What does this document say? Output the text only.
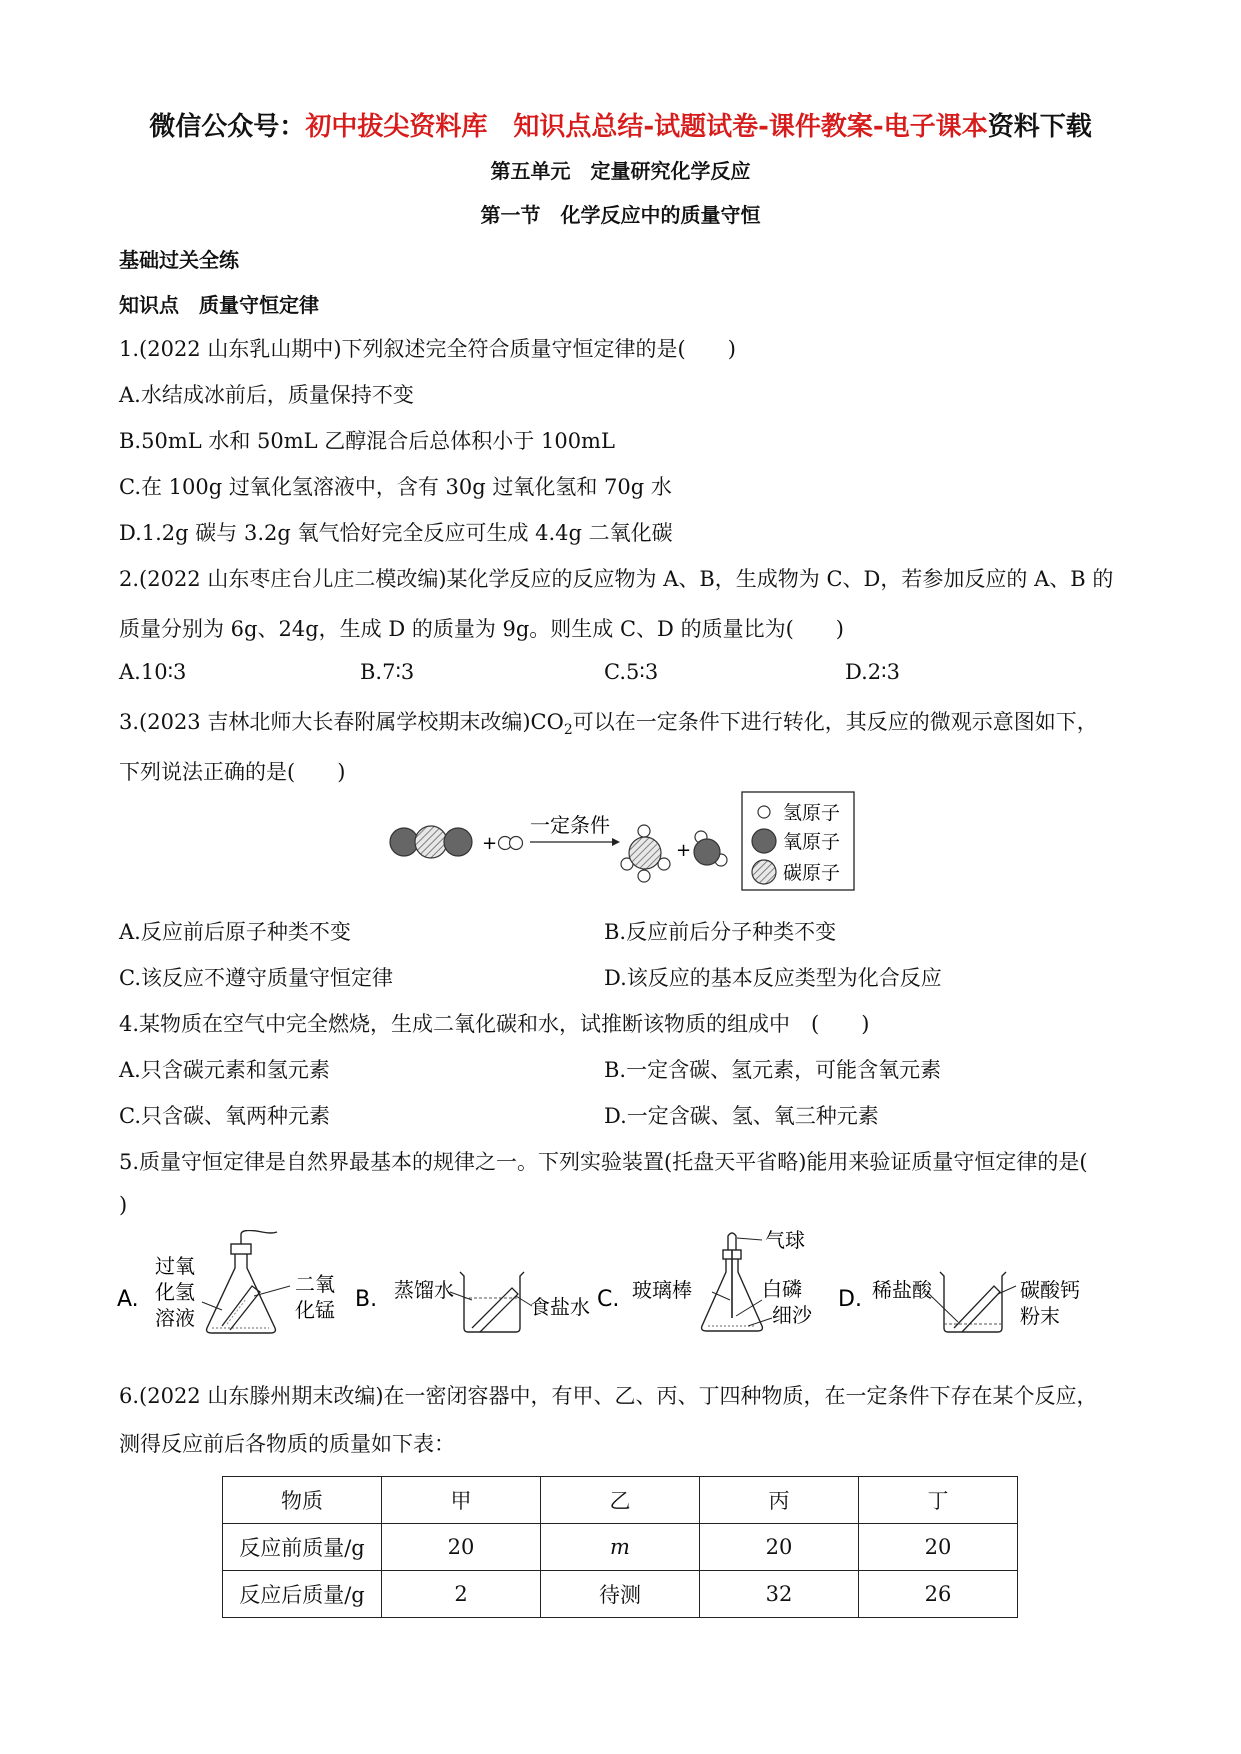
微信公众号：初中拔尖资料库　知识点总结-试题试卷-课件教案-电子课本资料下载
第五单元　定量研究化学反应
第一节　化学反应中的质量守恒
基础过关全练
知识点　质量守恒定律
1.(2022 山东乳山期中)下列叙述完全符合质量守恒定律的是(　　)
A.水结成冰前后，质量保持不变
B.50mL 水和 50mL 乙醇混合后总体积小于 100mL
C.在 100g 过氧化氢溶液中，含有 30g 过氧化氢和 70g 水
D.1.2g 碳与 3.2g 氧气恰好完全反应可生成 4.4g 二氧化碳
2.(2022 山东枣庄台儿庄二模改编)某化学反应的反应物为 A、B，生成物为 C、D，若参加反应的 A、B 的
质量分别为 6g、24g，生成 D 的质量为 9g。则生成 C、D 的质量比为(　　)
A.10∶3	B.7∶3	C.5∶3	D.2∶3
3.(2023 吉林北师大长春附属学校期末改编)$CO_2$可以在一定条件下进行转化，其反应的微观示意图如下，
下列说法正确的是(　　)
+
一定条件
+
氢原子
氧原子
碳原子
A.反应前后原子种类不变	B.反应前后分子种类不变
C.该反应不遵守质量守恒定律	D.该反应的基本反应类型为化合反应
4.某物质在空气中完全燃烧，生成二氧化碳和水，试推断该物质的组成中　(　　)
A.只含碳元素和氢元素	B.一定含碳、氢元素，可能含氧元素
C.只含碳、氧两种元素	D.一定含碳、氢、氧三种元素
5.质量守恒定律是自然界最基本的规律之一。下列实验装置(托盘天平省略)能用来验证质量守恒定律的是(
)
A.
过氧
化氢
溶液
二氧
化锰 B. 蒸馏水
食盐水 C. 玻璃棒
气球
白磷
细沙
D. 稀盐酸	碳酸钙
粉末
6.(2022 山东滕州期末改编)在一密闭容器中，有甲、乙、丙、丁四种物质，在一定条件下存在某个反应，
测得反应前后各物质的质量如下表：
物质	甲	乙	丙	丁
反应前质量/g	20	m	20	20
反应后质量/g	2	待测	32	26
